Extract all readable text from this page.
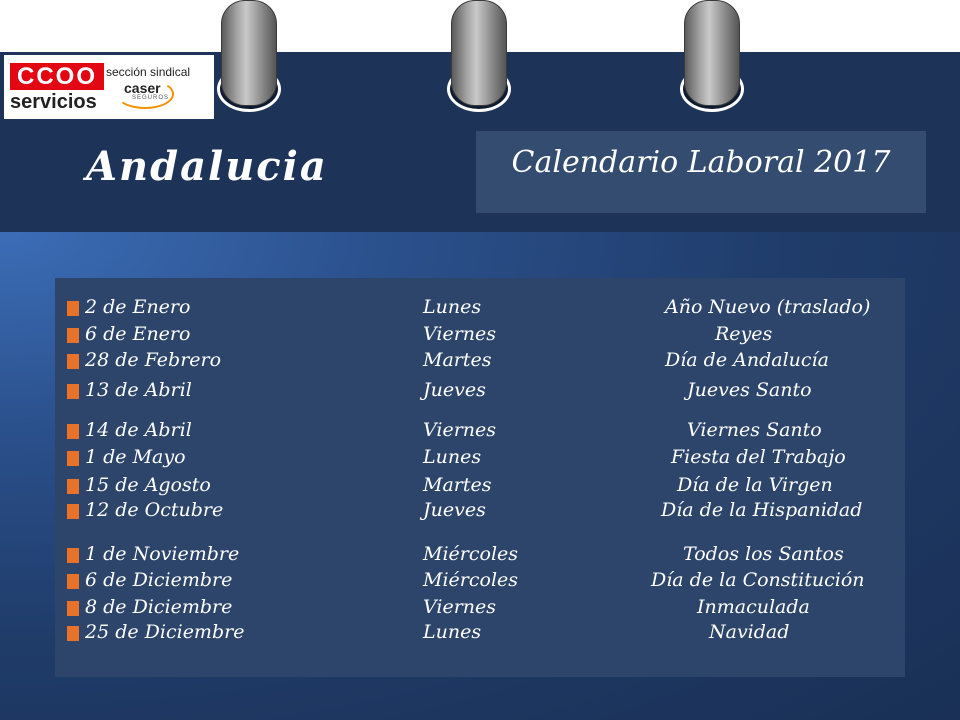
CCOO
servicios
sección sindical
caser
SEGUROS
Andalucia	Calendario Laboral 2017
2 de Enero	Lunes	Año Nuevo (traslado)
6 de Enero	Viernes	Reyes
28 de Febrero	Martes	Día de Andalucía
13 de Abril	Jueves	Jueves Santo
14 de Abril	Viernes	Viernes Santo
1 de Mayo	Lunes	Fiesta del Trabajo
15 de Agosto	Martes	Día de la Virgen
12 de Octubre	Jueves	Día de la Hispanidad
1 de Noviembre	Miércoles	Todos los Santos
6 de Diciembre	Miércoles	Día de la Constitución
8 de Diciembre	Viernes	Inmaculada
25 de Diciembre	Lunes	Navidad
